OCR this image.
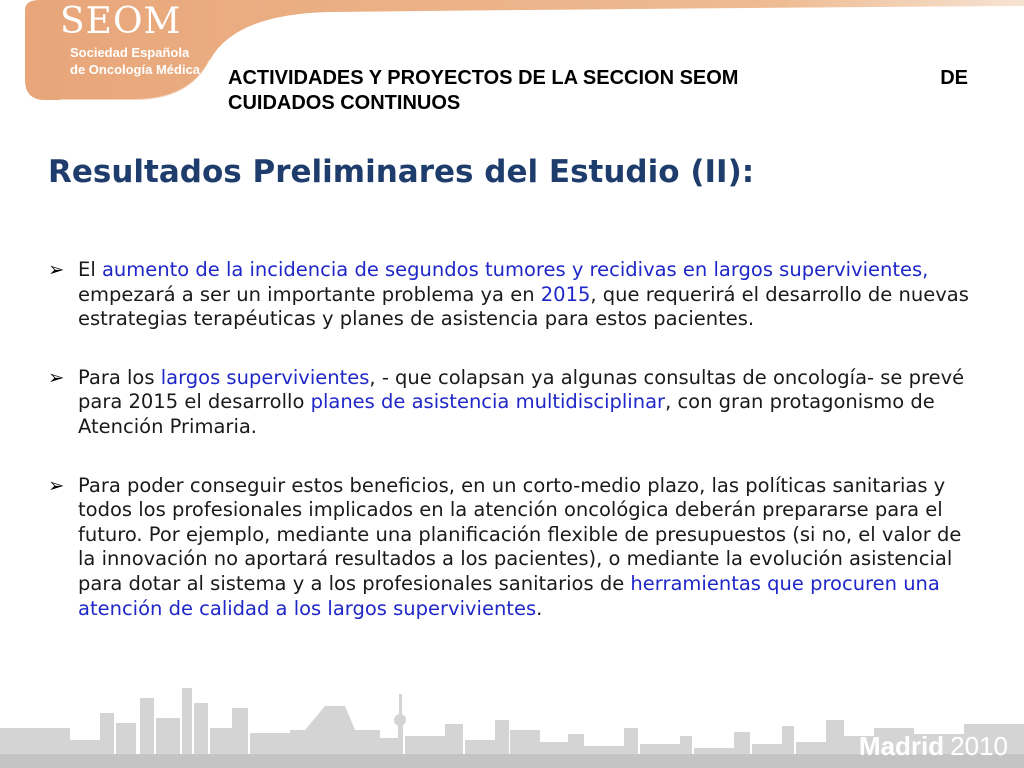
SEOM
Sociedad Española
de Oncología Médica ACTIVIDADES Y PROYECTOS DE LA SECCION SEOM	DE
CUIDADOS CONTINUOS
Resultados Preliminares del Estudio (II):
➢ El aumento de la incidencia de segundos tumores y recidivas en largos supervivientes, empezará a ser un importante problema ya en 2015, que requerirá el desarrollo de nuevas estrategias terapéuticas y planes de asistencia para estos pacientes.
➢ Para los largos supervivientes, - que colapsan ya algunas consultas de oncología- se prevé para 2015 el desarrollo planes de asistencia multidisciplinar, con gran protagonismo de Atención Primaria.
➢ Para poder conseguir estos beneficios, en un corto-medio plazo, las políticas sanitarias y todos los profesionales implicados en la atención oncológica deberán prepararse para el futuro. Por ejemplo, mediante una planificación flexible de presupuestos (si no, el valor de la innovación no aportará resultados a los pacientes), o mediante la evolución asistencial para dotar al sistema y a los profesionales sanitarios de herramientas que procuren una atención de calidad a los largos supervivientes.
Madrid 2010
